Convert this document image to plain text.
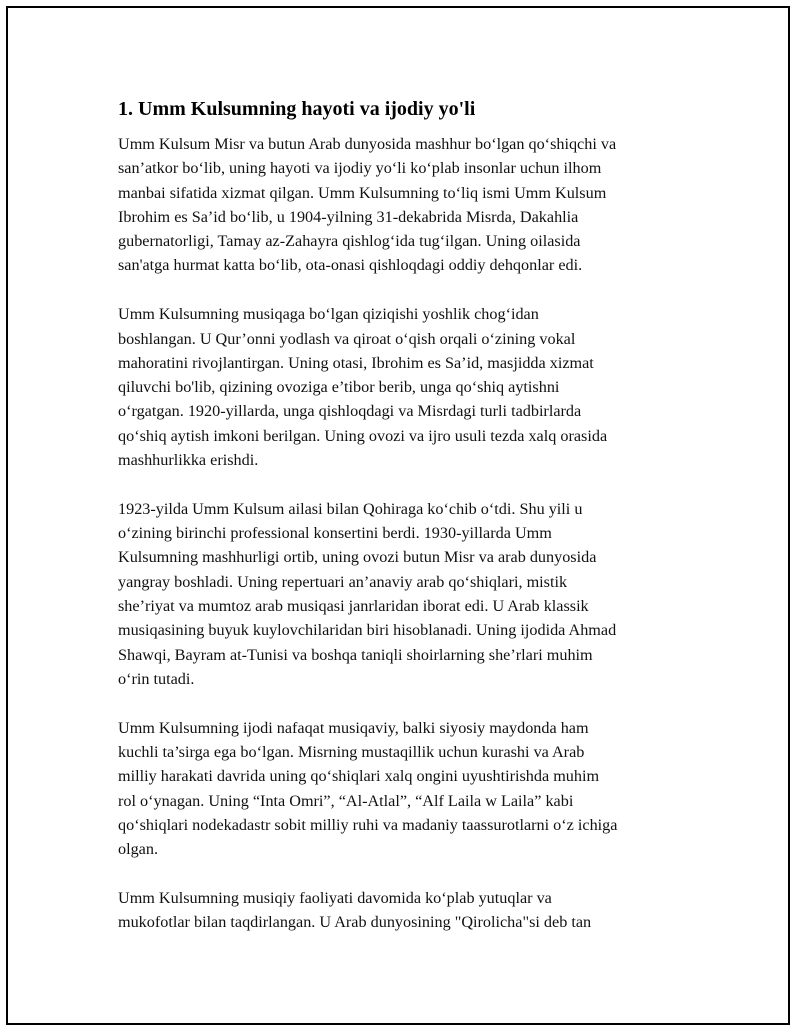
1. Umm Kulsumning hayoti va ijodiy yo'li

Umm Kulsum Misr va butun Arab dunyosida mashhur bo‘lgan qo‘shiqchi va
san’atkor bo‘lib, uning hayoti va ijodiy yo‘li ko‘plab insonlar uchun ilhom
manbai sifatida xizmat qilgan. Umm Kulsumning to‘liq ismi Umm Kulsum
Ibrohim es Sa’id bo‘lib, u 1904-yilning 31-dekabrida Misrda, Dakahlia
gubernatorligi, Tamay az-Zahayra qishlog‘ida tug‘ilgan. Uning oilasida
san'atga hurmat katta bo‘lib, ota-onasi qishloqdagi oddiy dehqonlar edi.

Umm Kulsumning musiqaga bo‘lgan qiziqishi yoshlik chog‘idan
boshlangan. U Qur’onni yodlash va qiroat o‘qish orqali o‘zining vokal
mahoratini rivojlantirgan. Uning otasi, Ibrohim es Sa’id, masjidda xizmat
qiluvchi bo'lib, qizining ovoziga e’tibor berib, unga qo‘shiq aytishni
o‘rgatgan. 1920-yillarda, unga qishloqdagi va Misrdagi turli tadbirlarda
qo‘shiq aytish imkoni berilgan. Uning ovozi va ijro usuli tezda xalq orasida
mashhurlikka erishdi.

1923-yilda Umm Kulsum ailasi bilan Qohiraga ko‘chib o‘tdi. Shu yili u
o‘zining birinchi professional konsertini berdi. 1930-yillarda Umm
Kulsumning mashhurligi ortib, uning ovozi butun Misr va arab dunyosida
yangray boshladi. Uning repertuari an’anaviy arab qo‘shiqlari, mistik
she’riyat va mumtoz arab musiqasi janrlaridan iborat edi. U Arab klassik
musiqasining buyuk kuylovchilaridan biri hisoblanadi. Uning ijodida Ahmad
Shawqi, Bayram at-Tunisi va boshqa taniqli shoirlarning she’rlari muhim
o‘rin tutadi.

Umm Kulsumning ijodi nafaqat musiqaviy, balki siyosiy maydonda ham
kuchli ta’sirga ega bo‘lgan. Misrning mustaqillik uchun kurashi va Arab
milliy harakati davrida uning qo‘shiqlari xalq ongini uyushtirishda muhim
rol o‘ynagan. Uning “Inta Omri”, “Al-Atlal”, “Alf Laila w Laila” kabi
qo‘shiqlari nodekadastr sobit milliy ruhi va madaniy taassurotlarni o‘z ichiga
olgan.

Umm Kulsumning musiqiy faoliyati davomida ko‘plab yutuqlar va
mukofotlar bilan taqdirlangan. U Arab dunyosining "Qirolicha"si deb tan
